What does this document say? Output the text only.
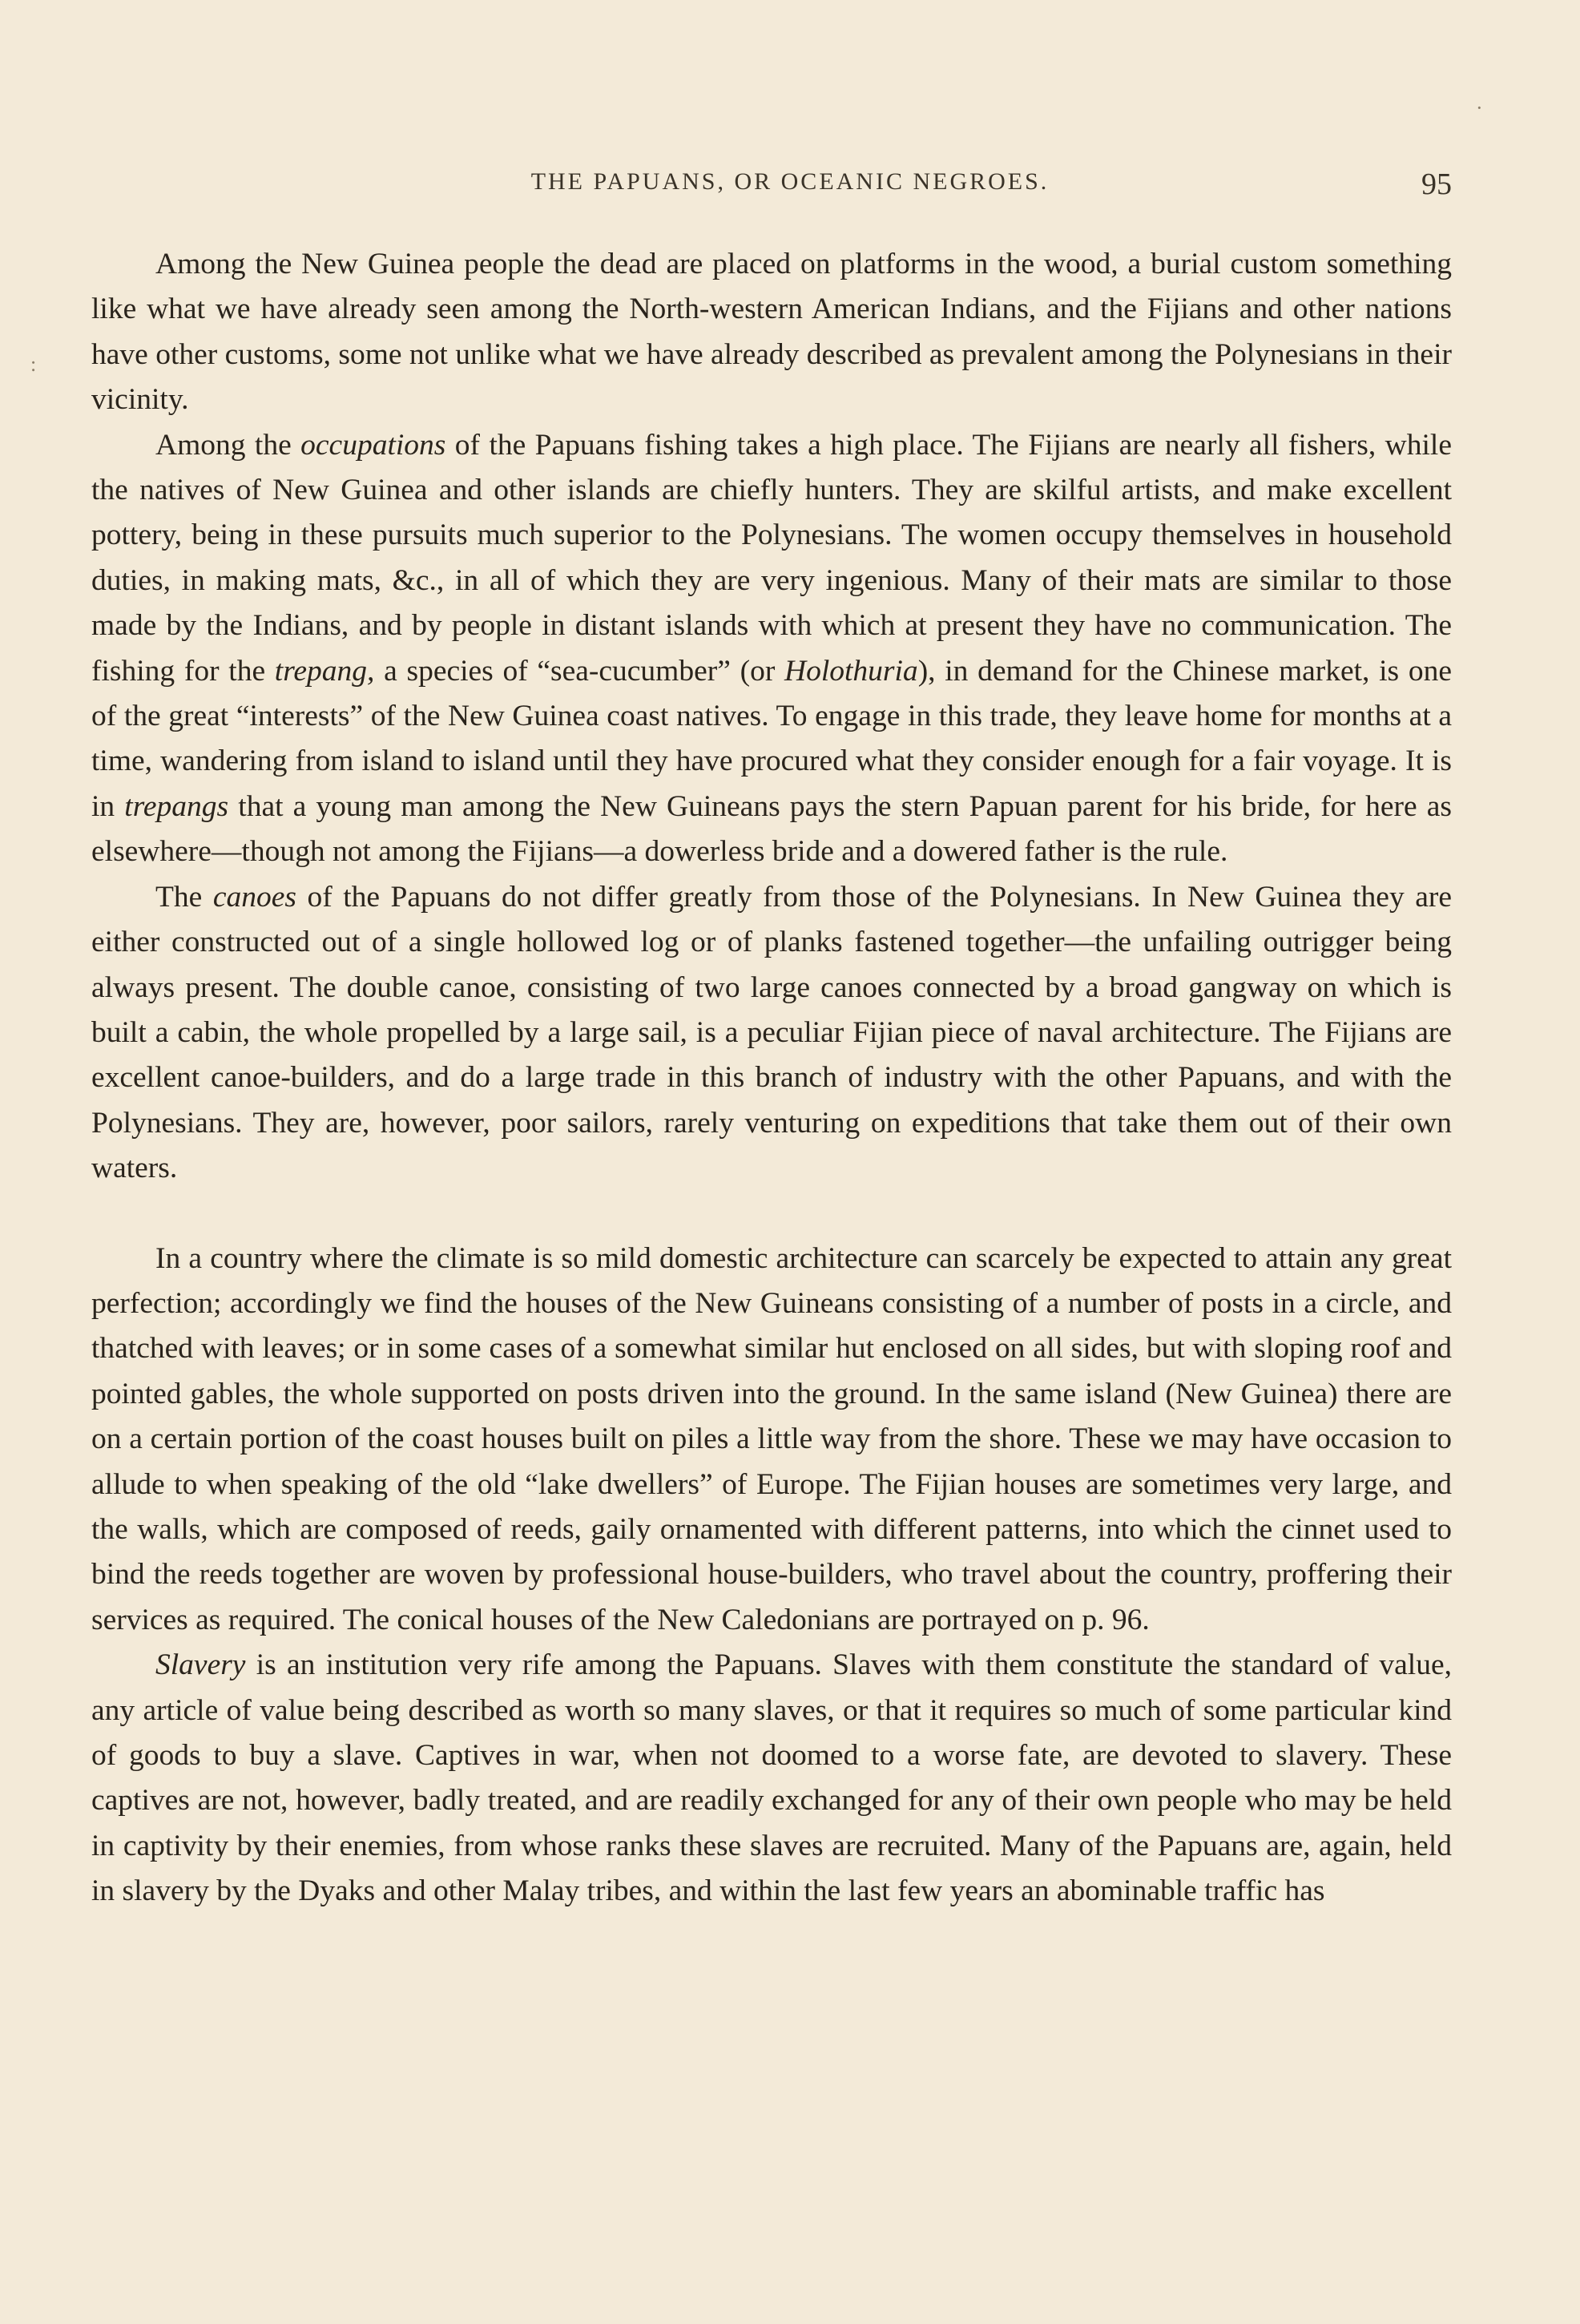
THE PAPUANS, OR OCEANIC NEGROES.	95
:
·

Among the New Guinea people the dead are placed on platforms in the wood, a burial custom something like what we have already seen among the North-western American Indians, and the Fijians and other nations have other customs, some not unlike what we have already described as prevalent among the Polynesians in their vicinity.

Among the occupations of the Papuans fishing takes a high place. The Fijians are nearly all fishers, while the natives of New Guinea and other islands are chiefly hunters. They are skilful artists, and make excellent pottery, being in these pursuits much superior to the Polynesians. The women occupy themselves in household duties, in making mats, &c., in all of which they are very ingenious. Many of their mats are similar to those made by the Indians, and by people in distant islands with which at present they have no communication. The fishing for the trepang, a species of “sea-cucumber” (or Holothuria), in demand for the Chinese market, is one of the great “interests” of the New Guinea coast natives. To engage in this trade, they leave home for months at a time, wandering from island to island until they have procured what they consider enough for a fair voyage. It is in trepangs that a young man among the New Guineans pays the stern Papuan parent for his bride, for here as elsewhere—though not among the Fijians—a dowerless bride and a dowered father is the rule.

The canoes of the Papuans do not differ greatly from those of the Polynesians. In New Guinea they are either constructed out of a single hollowed log or of planks fastened together—the unfailing outrigger being always present. The double canoe, consisting of two large canoes connected by a broad gangway on which is built a cabin, the whole propelled by a large sail, is a peculiar Fijian piece of naval architecture. The Fijians are excellent canoe-builders, and do a large trade in this branch of industry with the other Papuans, and with the Polynesians. They are, however, poor sailors, rarely venturing on expeditions that take them out of their own waters.

In a country where the climate is so mild domestic architecture can scarcely be expected to attain any great perfection; accordingly we find the houses of the New Guineans consisting of a number of posts in a circle, and thatched with leaves; or in some cases of a somewhat similar hut enclosed on all sides, but with sloping roof and pointed gables, the whole supported on posts driven into the ground. In the same island (New Guinea) there are on a certain portion of the coast houses built on piles a little way from the shore. These we may have occasion to allude to when speaking of the old “lake dwellers” of Europe. The Fijian houses are sometimes very large, and the walls, which are composed of reeds, gaily ornamented with different patterns, into which the cinnet used to bind the reeds together are woven by professional house-builders, who travel about the country, proffering their services as required. The conical houses of the New Caledonians are portrayed on p. 96.

Slavery is an institution very rife among the Papuans. Slaves with them constitute the standard of value, any article of value being described as worth so many slaves, or that it requires so much of some particular kind of goods to buy a slave. Captives in war, when not doomed to a worse fate, are devoted to slavery. These captives are not, however, badly treated, and are readily exchanged for any of their own people who may be held in captivity by their enemies, from whose ranks these slaves are recruited. Many of the Papuans are, again, held in slavery by the Dyaks and other Malay tribes, and within the last few years an abominable traffic has
